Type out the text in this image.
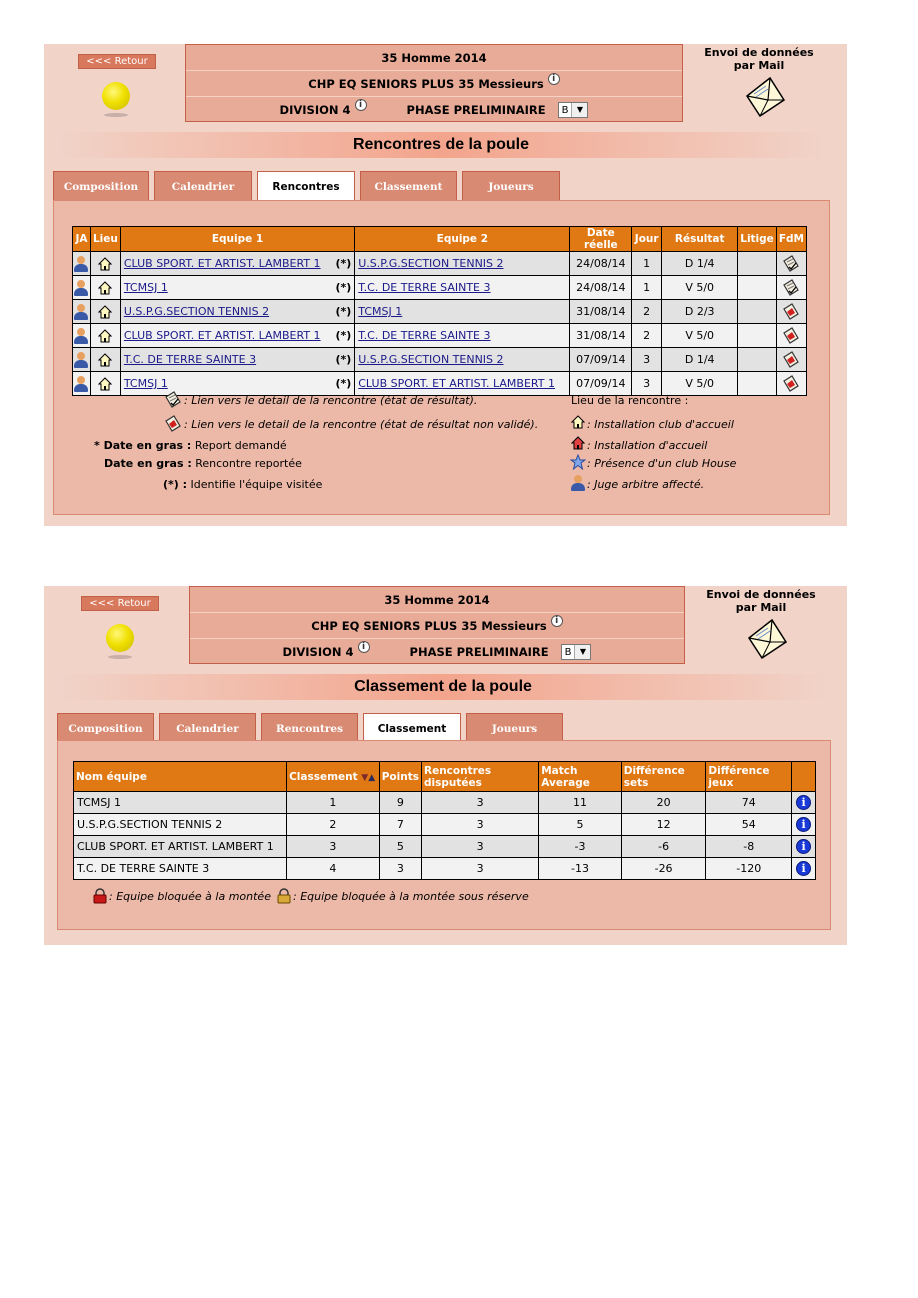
<<< Retour	35 Homme 2014
CHP EQ SENIORS PLUS 35 Messieurs i
DIVISION 4 i	PHASE PRELIMINAIRE	B	▼
Envoi de données par Mail
Rencontres de la poule
Composition	Calendrier	Rencontres	Classement	Joueurs
JA	Lieu	Equipe 1	Equipe 2	Date réelle	Jour	Résultat	Litige	FdM

		CLUB SPORT. ET ARTIST. LAMBERT 1 (*)	U.S.P.G.SECTION TENNIS 2	24/08/14	1	D 1/4		

		TCMSJ 1 (*)	T.C. DE TERRE SAINTE 3	24/08/14	1	V 5/0		

		U.S.P.G.SECTION TENNIS 2 (*)	TCMSJ 1	31/08/14	2	D 2/3		

		CLUB SPORT. ET ARTIST. LAMBERT 1 (*)	T.C. DE TERRE SAINTE 3	31/08/14	2	V 5/0		

		T.C. DE TERRE SAINTE 3 (*)	U.S.P.G.SECTION TENNIS 2	07/09/14	3	D 1/4		

		TCMSJ 1 (*)	CLUB SPORT. ET ARTIST. LAMBERT 1	07/09/14	3	V 5/0		
: Lien vers le detail de la rencontre (état de résultat).
: Lien vers le detail de la rencontre (état de résultat non validé).
* Date en gras : Report demandé
Date en gras : Rencontre reportée
(*) : Identifie l'équipe visitée
Lieu de la rencontre :
: Installation club d'accueil
: Installation d'accueil
: Présence d'un club House
: Juge arbitre affecté.
<<< Retour	35 Homme 2014
CHP EQ SENIORS PLUS 35 Messieurs i
DIVISION 4 i	PHASE PRELIMINAIRE	B	▼
Envoi de données par Mail
Classement de la poule
Composition	Calendrier	Rencontres	Classement	Joueurs
Nom équipe	Classement ▼▲	Points	Rencontres disputées	Match Average	Différence sets	Différence jeux	
TCMSJ 1	1	9	3	11	20	74	i
U.S.P.G.SECTION TENNIS 2	2	7	3	5	12	54	i
CLUB SPORT. ET ARTIST. LAMBERT 1	3	5	3	-3	-6	-8	i
T.C. DE TERRE SAINTE 3	4	3	3	-13	-26	-120	i
: Equipe bloquée à la montée : Equipe bloquée à la montée sous réserve
